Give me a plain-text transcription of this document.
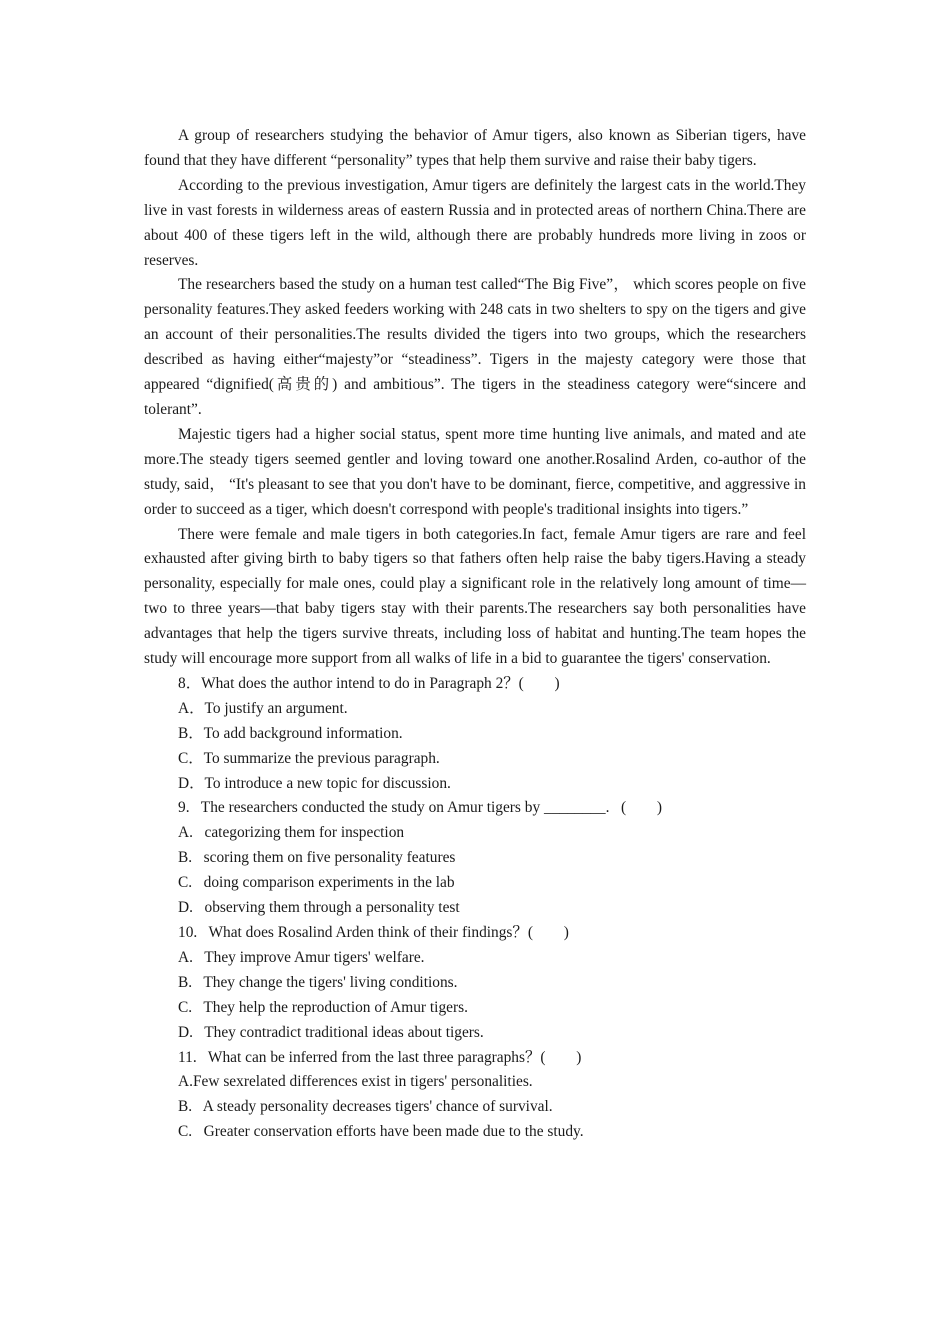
A group of researchers studying the behavior of Amur tigers, also known as Siberian tigers, have found that they have different “personality” types that help them survive and raise their baby tigers.

According to the previous investigation, Amur tigers are definitely the largest cats in the world.They live in vast forests in wilderness areas of eastern Russia and in protected areas of northern China.There are about 400 of these tigers left in the wild, although there are probably hundreds more living in zoos or reserves.

The researchers based the study on a human test called“The Big Five”， which scores people on five personality features.They asked feeders working with 248 cats in two shelters to spy on the tigers and give an account of their personalities.The results divided the tigers into two groups, which the researchers described as having either“majesty”or “steadiness”. Tigers in the majesty category were those that appeared “dignified(高贵的) and ambitious”. The tigers in the steadiness category were“sincere and tolerant”.

Majestic tigers had a higher social status, spent more time hunting live animals, and mated and ate more.The steady tigers seemed gentler and loving toward one another.Rosalind Arden, co-author of the study, said， “It's pleasant to see that you don't have to be dominant, fierce, competitive, and aggressive in order to succeed as a tiger, which doesn't correspond with people's traditional insights into tigers.”

There were female and male tigers in both categories.In fact, female Amur tigers are rare and feel exhausted after giving birth to baby tigers so that fathers often help raise the baby tigers.Having a steady personality, especially for male ones, could play a significant role in the relatively long amount of time—two to three years—that baby tigers stay with their parents.The researchers say both personalities have advantages that help the tigers survive threats, including loss of habitat and hunting.The team hopes the study will encourage more support from all walks of life in a bid to guarantee the tigers' conservation.

8．What does the author intend to do in Paragraph 2？(　　)

A．To justify an argument.

B．To add background information.

C．To summarize the previous paragraph.

D．To introduce a new topic for discussion.

9.   The researchers conducted the study on Amur tigers by ________.   (　　)

A.   categorizing them for inspection

B.   scoring them on five personality features

C.   doing comparison experiments in the lab

D.   observing them through a personality test

10.   What does Rosalind Arden think of their findings？(　　)

A.   They improve Amur tigers' welfare.

B.   They change the tigers' living conditions.

C.   They help the reproduction of Amur tigers.

D.   They contradict traditional ideas about tigers.

11.   What can be inferred from the last three paragraphs？(　　)

A.Few sexrelated differences exist in tigers' personalities.

B.   A steady personality decreases tigers' chance of survival.

C.   Greater conservation efforts have been made due to the study.
